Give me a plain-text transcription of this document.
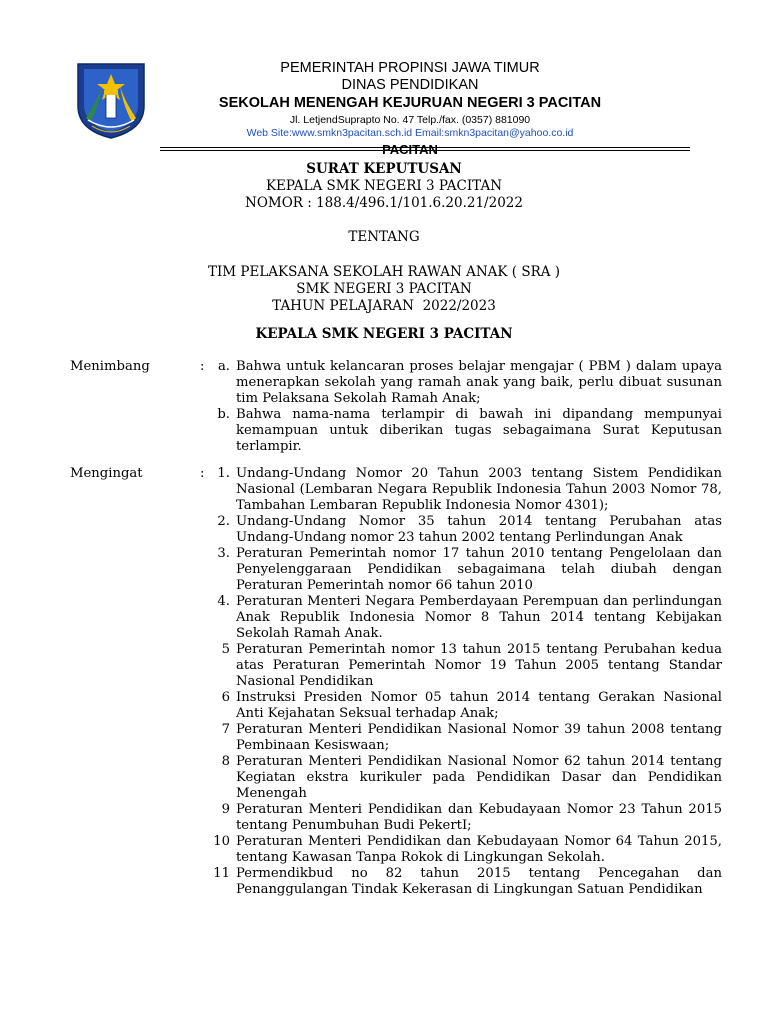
PEMERINTAH PROPINSI JAWA TIMUR
DINAS PENDIDIKAN
SEKOLAH MENENGAH KEJURUAN NEGERI 3 PACITAN
Jl. LetjendSuprapto No. 47 Telp./fax. (0357) 881090
Web Site:www.smkn3pacitan.sch.id Email:smkn3pacitan@yahoo.co.id
PACITAN
SURAT KEPUTUSAN
KEPALA SMK NEGERI 3 PACITAN
NOMOR : 188.4/496.1/101.6.20.21/2022
TENTANG
TIM PELAKSANA SEKOLAH RAWAN ANAK ( SRA )
SMK NEGERI 3 PACITAN
TAHUN PELAJARAN  2022/2023
KEPALA SMK NEGERI 3 PACITAN
Menimbang	:	a. Bahwa untuk kelancaran proses belajar mengajar ( PBM ) dalam upaya menerapkan sekolah yang ramah anak yang baik, perlu dibuat susunan tim Pelaksana Sekolah Ramah Anak;
b. Bahwa nama-nama terlampir di bawah ini dipandang mempunyai kemampuan untuk diberikan tugas sebagaimana Surat Keputusan terlampir.
Mengingat	: 1. Undang-Undang Nomor 20 Tahun 2003 tentang Sistem Pendidikan Nasional (Lembaran Negara Republik Indonesia Tahun 2003 Nomor 78, Tambahan Lembaran Republik Indonesia Nomor 4301);
2. Undang-Undang Nomor 35 tahun 2014 tentang Perubahan atas Undang-Undang nomor 23 tahun 2002 tentang Perlindungan Anak
3. Peraturan Pemerintah nomor 17 tahun 2010 tentang Pengelolaan dan Penyelenggaraan Pendidikan sebagaimana telah diubah dengan Peraturan Pemerintah nomor 66 tahun 2010
4. Peraturan Menteri Negara Pemberdayaan Perempuan dan perlindungan Anak Republik Indonesia Nomor 8 Tahun 2014 tentang Kebijakan Sekolah Ramah Anak.
5 Peraturan Pemerintah nomor 13 tahun 2015 tentang Perubahan kedua atas Peraturan Pemerintah Nomor 19 Tahun 2005 tentang Standar Nasional Pendidikan
6 Instruksi Presiden Nomor 05 tahun 2014 tentang Gerakan Nasional Anti Kejahatan Seksual terhadap Anak;
7 Peraturan Menteri Pendidikan Nasional Nomor 39 tahun 2008 tentang Pembinaan Kesiswaan;
8 Peraturan Menteri Pendidikan Nasional Nomor 62 tahun 2014 tentang Kegiatan ekstra kurikuler pada Pendidikan Dasar dan Pendidikan Menengah
9 Peraturan Menteri Pendidikan dan Kebudayaan Nomor 23 Tahun 2015 tentang Penumbuhan Budi PekertI;
10 Peraturan Menteri Pendidikan dan Kebudayaan Nomor 64 Tahun 2015, tentang Kawasan Tanpa Rokok di Lingkungan Sekolah.
11 Permendikbud no 82 tahun 2015 tentang Pencegahan dan Penanggulangan Tindak Kekerasan di Lingkungan Satuan Pendidikan
